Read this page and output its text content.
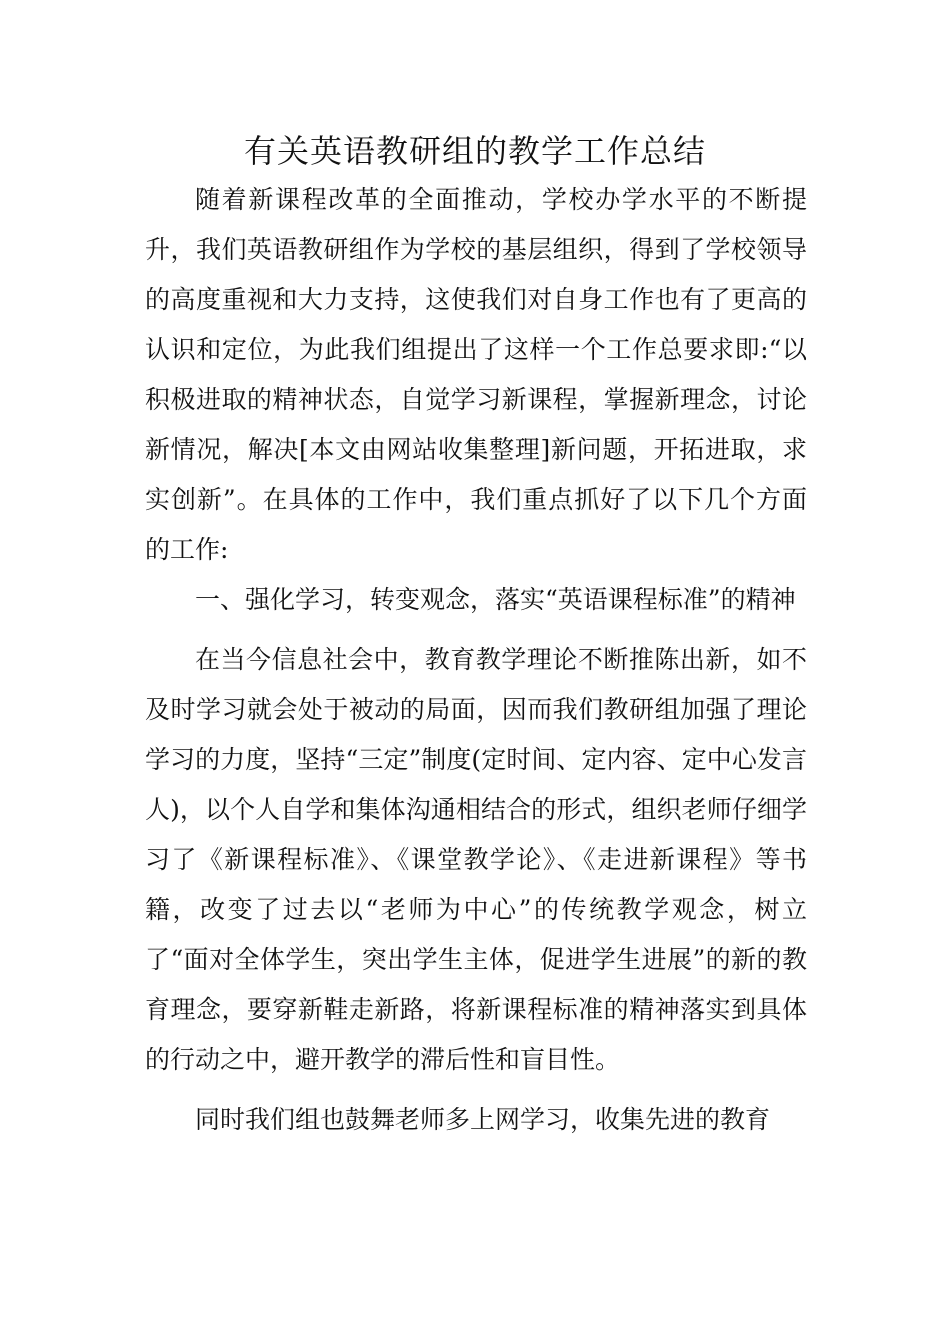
有关英语教研组的教学工作总结

随着新课程改革的全面推动，学校办学水平的不断提升，我们英语教研组作为学校的基层组织，得到了学校领导的高度重视和大力支持，这使我们对自身工作也有了更高的认识和定位，为此我们组提出了这样一个工作总要求即:“以积极进取的精神状态，自觉学习新课程，掌握新理念，讨论新情况，解决[本文由网站收集整理]新问题，开拓进取，求实创新”。在具体的工作中，我们重点抓好了以下几个方面的工作:

一、强化学习，转变观念，落实“英语课程标准”的精神

在当今信息社会中，教育教学理论不断推陈出新，如不及时学习就会处于被动的局面，因而我们教研组加强了理论学习的力度，坚持“三定”制度(定时间、定内容、定中心发言人)，以个人自学和集体沟通相结合的形式，组织老师仔细学习了《新课程标准》、《课堂教学论》、《走进新课程》等书籍，改变了过去以“老师为中心”的传统教学观念，树立了“面对全体学生，突出学生主体，促进学生进展”的新的教育理念，要穿新鞋走新路，将新课程标准的精神落实到具体的行动之中，避开教学的滞后性和盲目性。

同时我们组也鼓舞老师多上网学习，收集先进的教育
